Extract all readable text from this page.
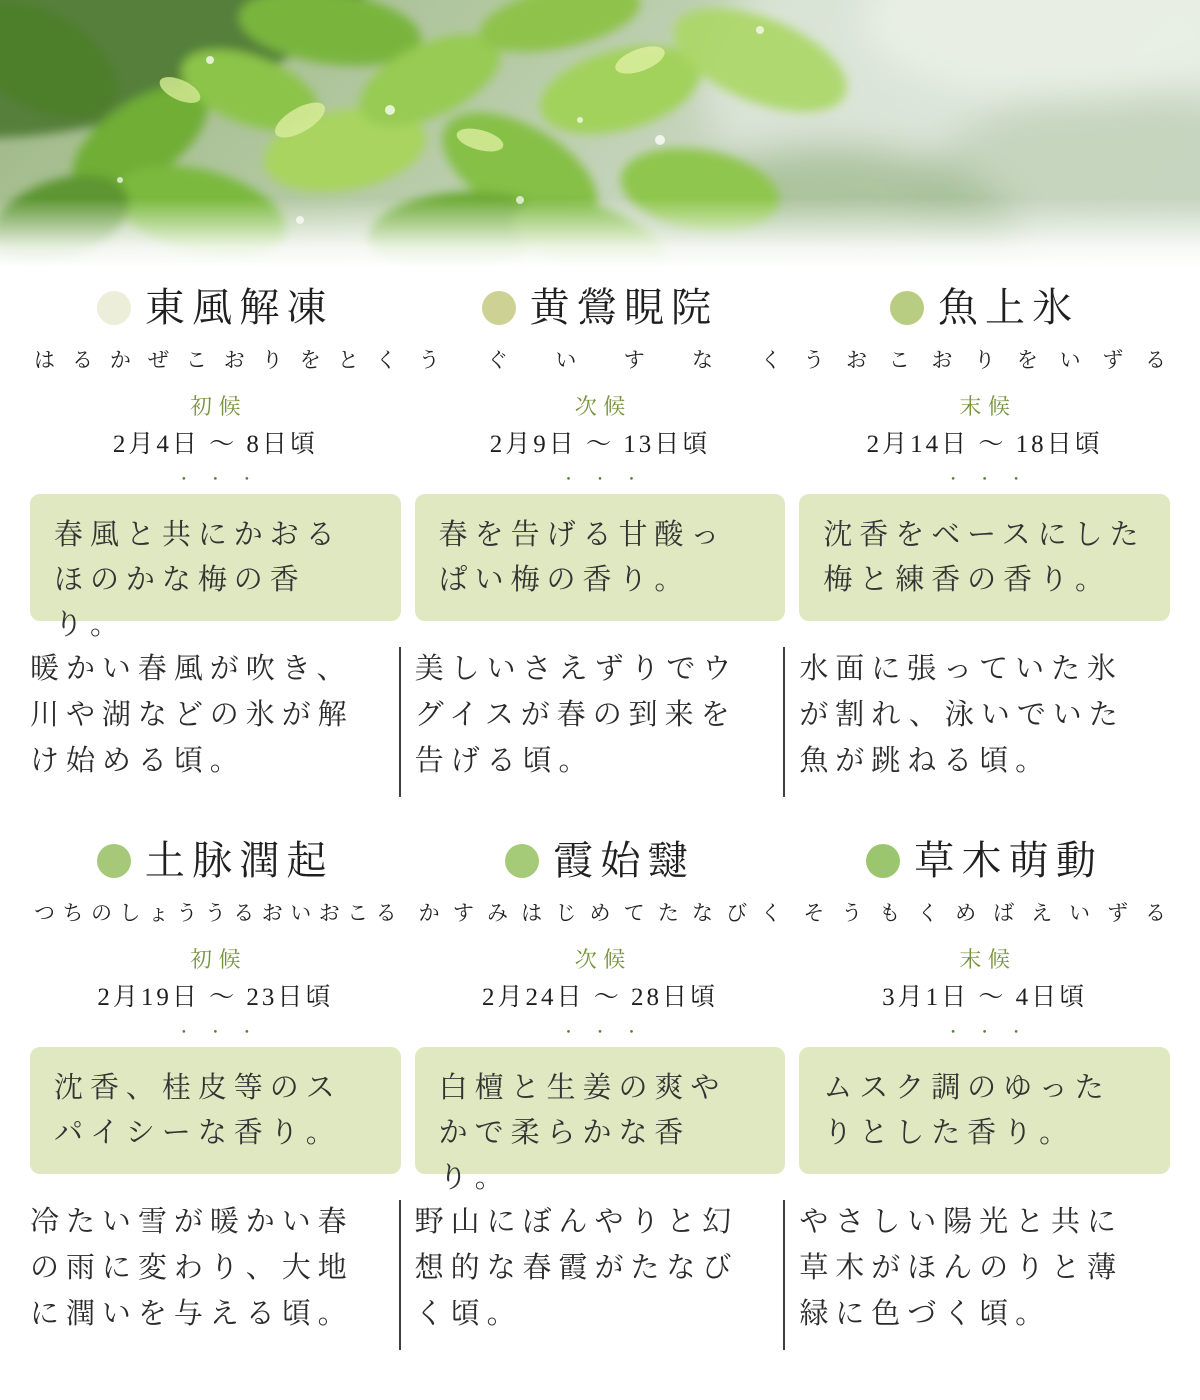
東風解凍
はるかぜこおりをとく
初候
2月4日 〜 8日頃
・・・
春風と共にかおるほのかな梅の香り。

暖かい春風が吹き、川や湖などの氷が解け始める頃。

黄鶯睍院
うぐいすなく
次候
2月9日 〜 13日頃
・・・
春を告げる甘酸っぱい梅の香り。

美しいさえずりでウグイスが春の到来を告げる頃。

魚上氷
うおこおりをいずる
末候
2月14日 〜 18日頃
・・・
沈香をベースにした梅と練香の香り。

水面に張っていた氷が割れ、泳いでいた魚が跳ねる頃。

土脉潤起
つちのしょううるおいおこる
初候
2月19日 〜 23日頃
・・・
沈香、桂皮等のスパイシーな香り。

冷たい雪が暖かい春の雨に変わり、大地に潤いを与える頃。

霞始靆
かすみはじめてたなびく
次候
2月24日 〜 28日頃
・・・
白檀と生姜の爽やかで柔らかな香り。。

野山にぼんやりと幻想的な春霞がたなびく頃。

草木萌動
そうもくめばえいずる
末候
3月1日 〜 4日頃
・・・
ムスク調のゆったりとした香り。

やさしい陽光と共に草木がほんのりと薄緑に色づく頃。
